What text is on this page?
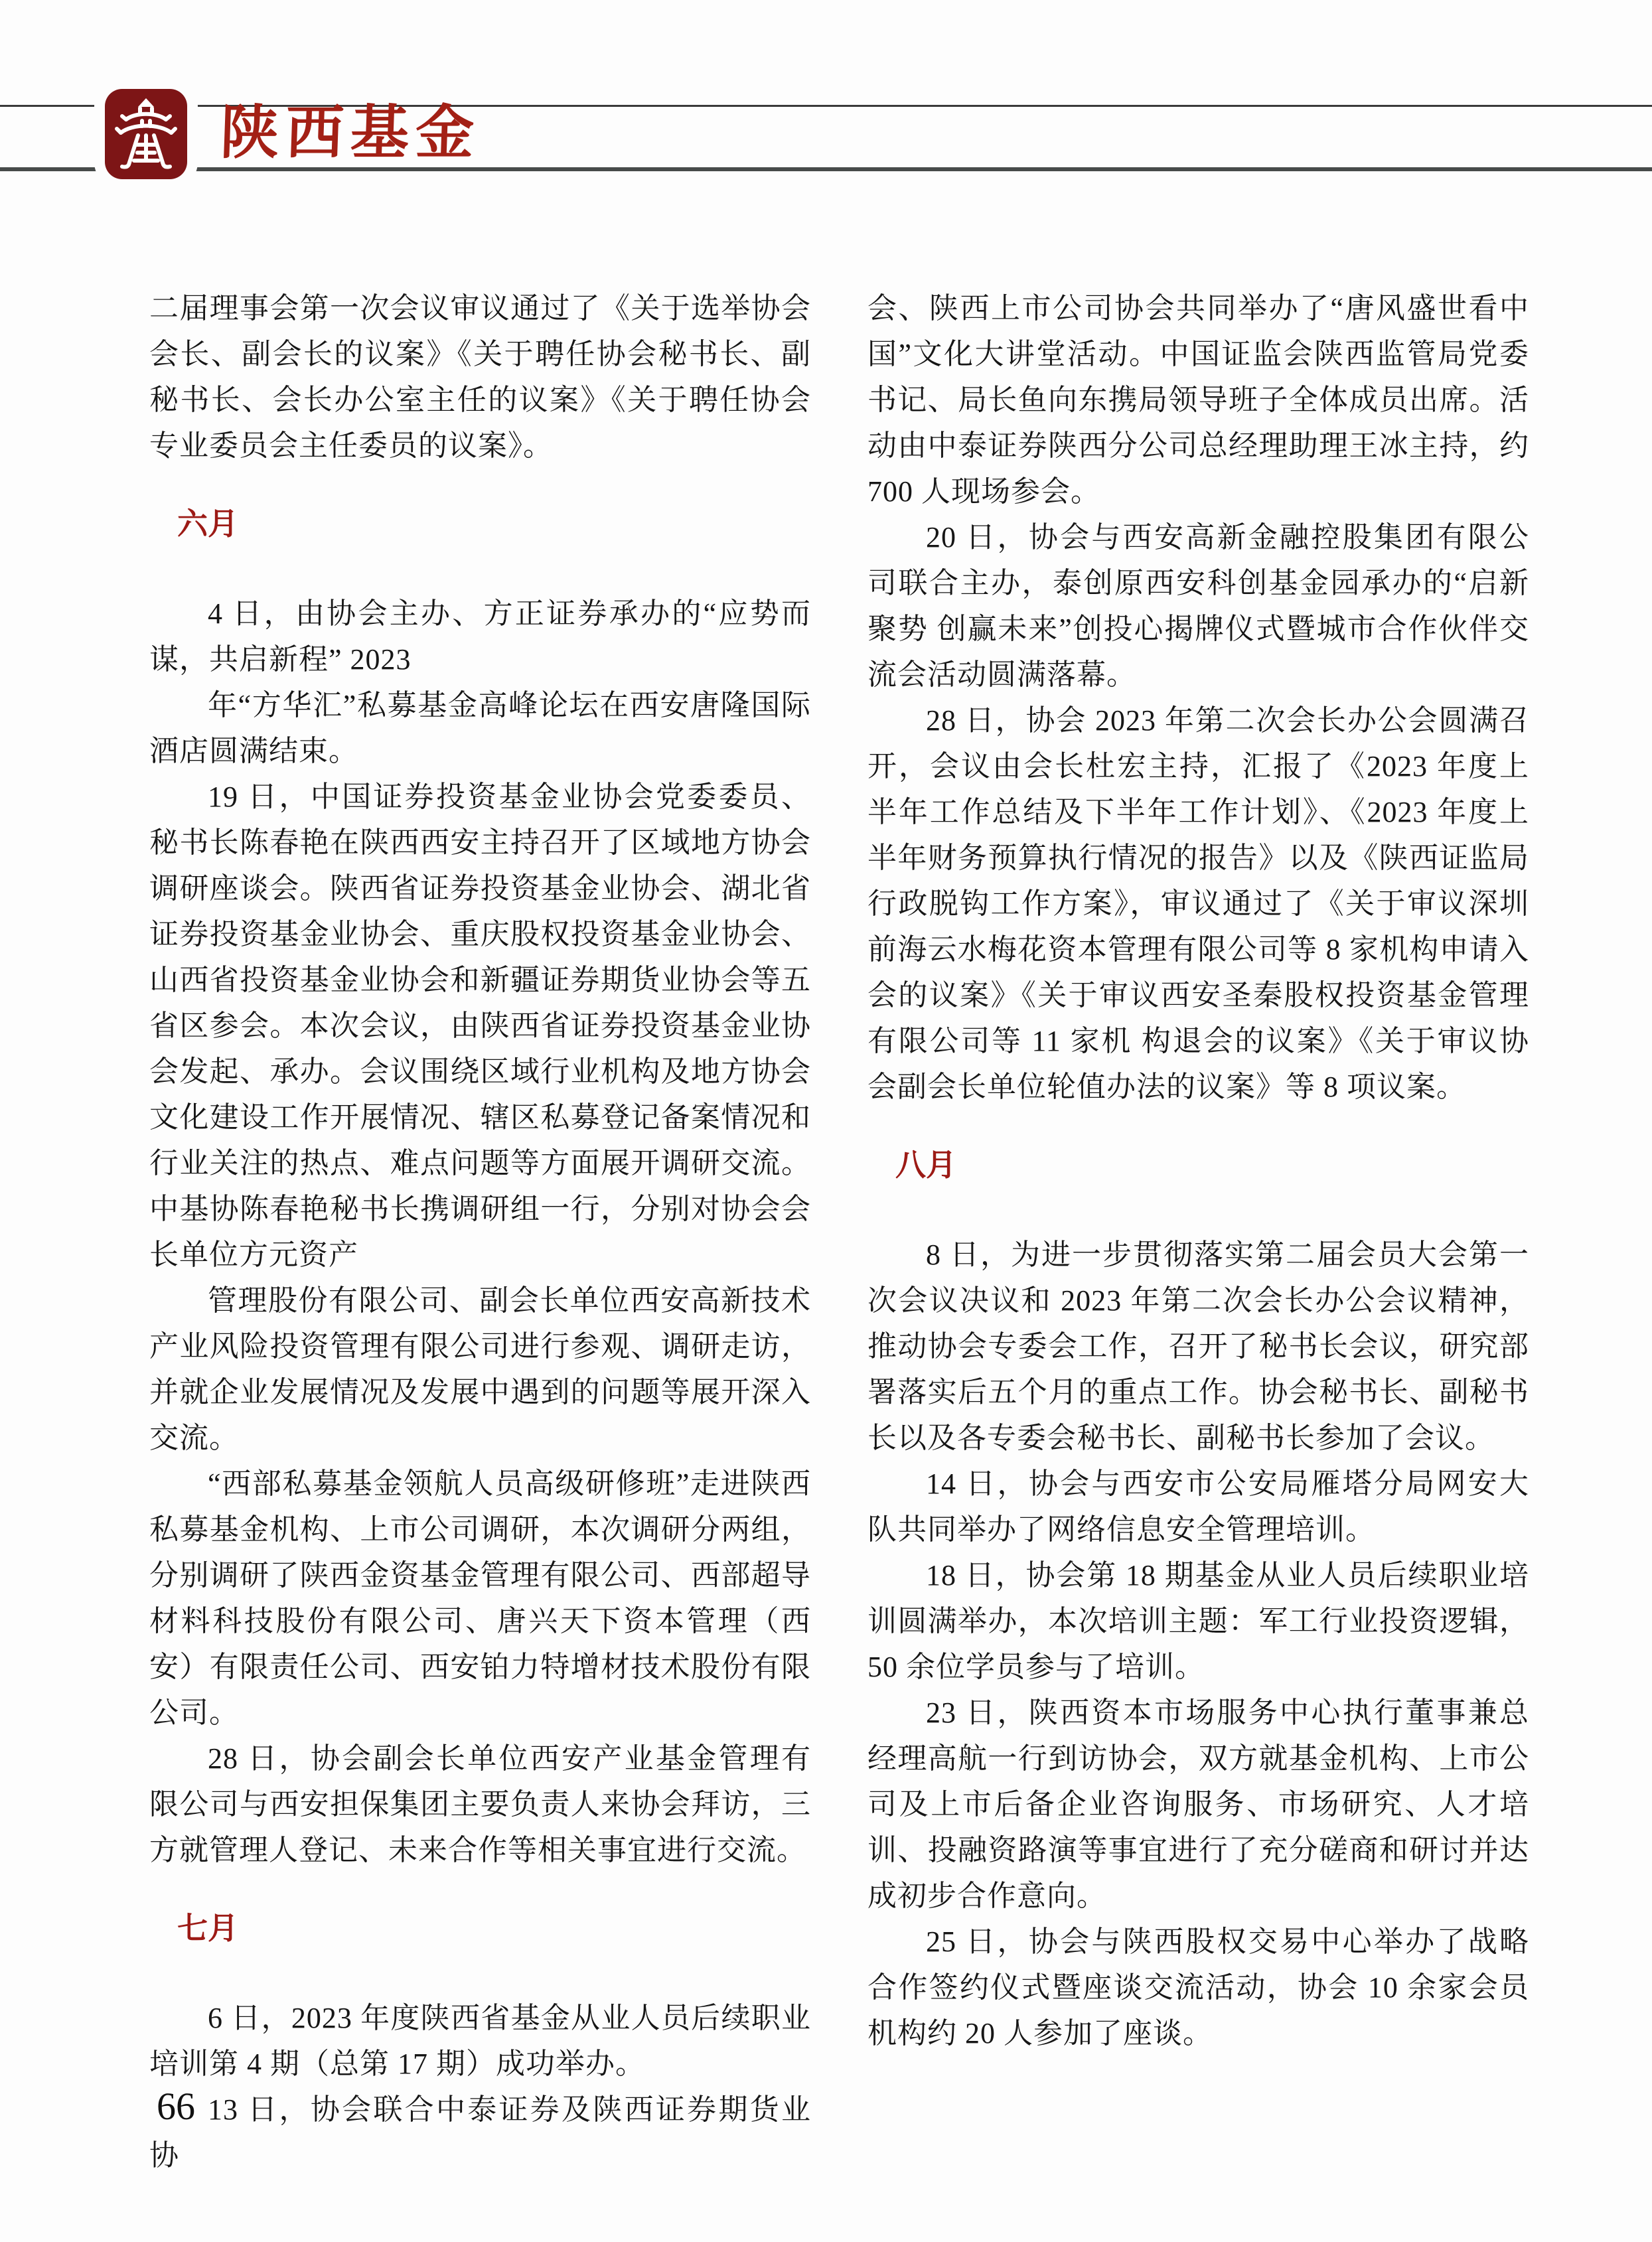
陕西基金

二届理事会第一次会议审议通过了《关于选举协会会长、副会长的议案》《关于聘任协会秘书长、副秘书长、会长办公室主任的议案》《关于聘任协会专业委员会主任委员的议案》。

六月

4 日，由协会主办、方正证券承办的“应势而谋，共启新程” 2023

年“方华汇”私募基金高峰论坛在西安唐隆国际酒店圆满结束。

19 日，中国证券投资基金业协会党委委员、秘书长陈春艳在陕西西安主持召开了区域地方协会调研座谈会。陕西省证券投资基金业协会、湖北省证券投资基金业协会、重庆股权投资基金业协会、山西省投资基金业协会和新疆证券期货业协会等五省区参会。本次会议，由陕西省证券投资基金业协会发起、承办。会议围绕区域行业机构及地方协会文化建设工作开展情况、辖区私募登记备案情况和行业关注的热点、难点问题等方面展开调研交流。中基协陈春艳秘书长携调研组一行，分别对协会会长单位方元资产

管理股份有限公司、副会长单位西安高新技术产业风险投资管理有限公司进行参观、调研走访，并就企业发展情况及发展中遇到的问题等展开深入交流。

“西部私募基金领航人员高级研修班”走进陕西私募基金机构、上市公司调研，本次调研分两组，分别调研了陕西金资基金管理有限公司、西部超导材料科技股份有限公司、唐兴天下资本管理（西安）有限责任公司、西安铂力特增材技术股份有限公司。

28 日，协会副会长单位西安产业基金管理有限公司与西安担保集团主要负责人来协会拜访，三方就管理人登记、未来合作等相关事宜进行交流。

七月

6 日，2023 年度陕西省基金从业人员后续职业培训第 4 期（总第 17 期）成功举办。

13 日，协会联合中泰证券及陕西证券期货业协

会、陕西上市公司协会共同举办了“唐风盛世看中国”文化大讲堂活动。中国证监会陕西监管局党委书记、局长鱼向东携局领导班子全体成员出席。活动由中泰证券陕西分公司总经理助理王冰主持，约 700 人现场参会。

20 日，协会与西安高新金融控股集团有限公司联合主办，泰创原西安科创基金园承办的“启新聚势 创赢未来”创投心揭牌仪式暨城市合作伙伴交流会活动圆满落幕。

28 日，协会 2023 年第二次会长办公会圆满召开，会议由会长杜宏主持，汇报了《2023 年度上半年工作总结及下半年工作计划》、《2023 年度上半年财务预算执行情况的报告》以及《陕西证监局行政脱钩工作方案》，审议通过了《关于审议深圳前海云水梅花资本管理有限公司等 8 家机构申请入会的议案》《关于审议西安圣秦股权投资基金管理有限公司等 11 家机 构退会的议案》《关于审议协会副会长单位轮值办法的议案》等 8 项议案。

八月

8 日，为进一步贯彻落实第二届会员大会第一次会议决议和 2023 年第二次会长办公会议精神，推动协会专委会工作，召开了秘书长会议，研究部署落实后五个月的重点工作。协会秘书长、副秘书长以及各专委会秘书长、副秘书长参加了会议。

14 日，协会与西安市公安局雁塔分局网安大队共同举办了网络信息安全管理培训。

18 日，协会第 18 期基金从业人员后续职业培训圆满举办，本次培训主题：军工行业投资逻辑，50 余位学员参与了培训。

23 日，陕西资本市场服务中心执行董事兼总经理高航一行到访协会，双方就基金机构、上市公司及上市后备企业咨询服务、市场研究、人才培训、投融资路演等事宜进行了充分磋商和研讨并达成初步合作意向。

25 日，协会与陕西股权交易中心举办了战略合作签约仪式暨座谈交流活动，协会 10 余家会员机构约 20 人参加了座谈。

66
